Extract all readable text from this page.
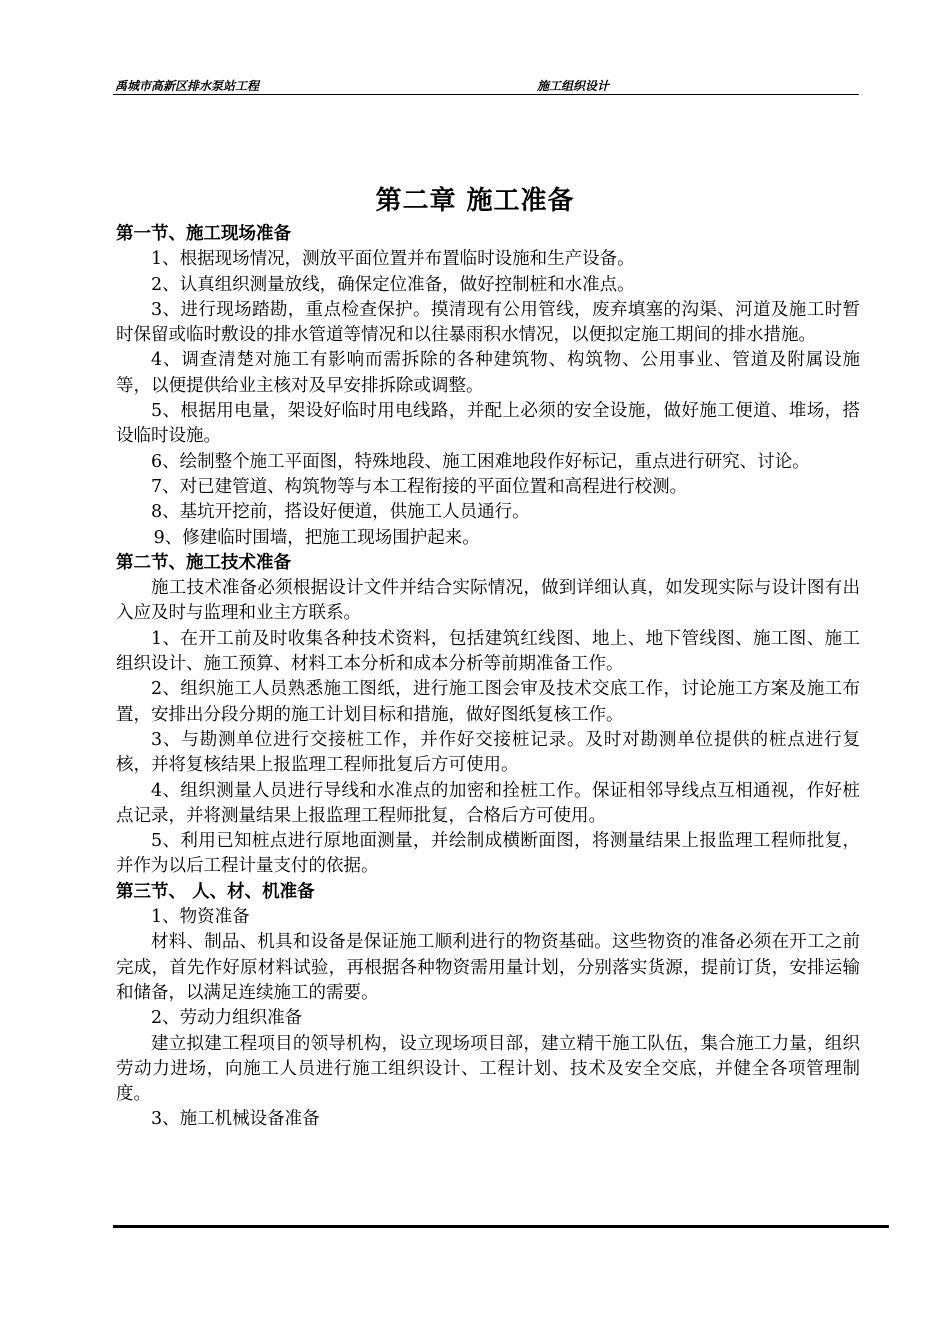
禹城市高新区排水泵站工程	施工组织设计
第二章 施工准备
第一节、施工现场准备
1、根据现场情况，测放平面位置并布置临时设施和生产设备。
2、认真组织测量放线，确保定位准备，做好控制桩和水准点。
3、进行现场踏勘，重点检查保护。摸清现有公用管线，废弃填塞的沟渠、河道及施工时暂时保留或临时敷设的排水管道等情况和以往暴雨积水情况，以便拟定施工期间的排水措施。
4、调查清楚对施工有影响而需拆除的各种建筑物、构筑物、公用事业、管道及附属设施等，以便提供给业主核对及早安排拆除或调整。
5、根据用电量，架设好临时用电线路，并配上必须的安全设施，做好施工便道、堆场，搭设临时设施。
6、绘制整个施工平面图，特殊地段、施工困难地段作好标记，重点进行研究、讨论。
7、对已建管道、构筑物等与本工程衔接的平面位置和高程进行校测。
8、基坑开挖前，搭设好便道，供施工人员通行。
9、修建临时围墙，把施工现场围护起来。
第二节、施工技术准备
施工技术准备必须根据设计文件并结合实际情况，做到详细认真，如发现实际与设计图有出入应及时与监理和业主方联系。
1、在开工前及时收集各种技术资料，包括建筑红线图、地上、地下管线图、施工图、施工组织设计、施工预算、材料工本分析和成本分析等前期准备工作。
2、组织施工人员熟悉施工图纸，进行施工图会审及技术交底工作，讨论施工方案及施工布置，安排出分段分期的施工计划目标和措施，做好图纸复核工作。
3、与勘测单位进行交接桩工作，并作好交接桩记录。及时对勘测单位提供的桩点进行复核，并将复核结果上报监理工程师批复后方可使用。
4、组织测量人员进行导线和水准点的加密和拴桩工作。保证相邻导线点互相通视，作好桩点记录，并将测量结果上报监理工程师批复，合格后方可使用。
5、利用已知桩点进行原地面测量，并绘制成横断面图，将测量结果上报监理工程师批复，并作为以后工程计量支付的依据。
第三节、 人、材、机准备
1、物资准备
材料、制品、机具和设备是保证施工顺利进行的物资基础。这些物资的准备必须在开工之前完成，首先作好原材料试验，再根据各种物资需用量计划，分别落实货源，提前订货，安排运输和储备，以满足连续施工的需要。
2、劳动力组织准备
建立拟建工程项目的领导机构，设立现场项目部，建立精干施工队伍，集合施工力量，组织劳动力进场，向施工人员进行施工组织设计、工程计划、技术及安全交底，并健全各项管理制度。
3、施工机械设备准备
